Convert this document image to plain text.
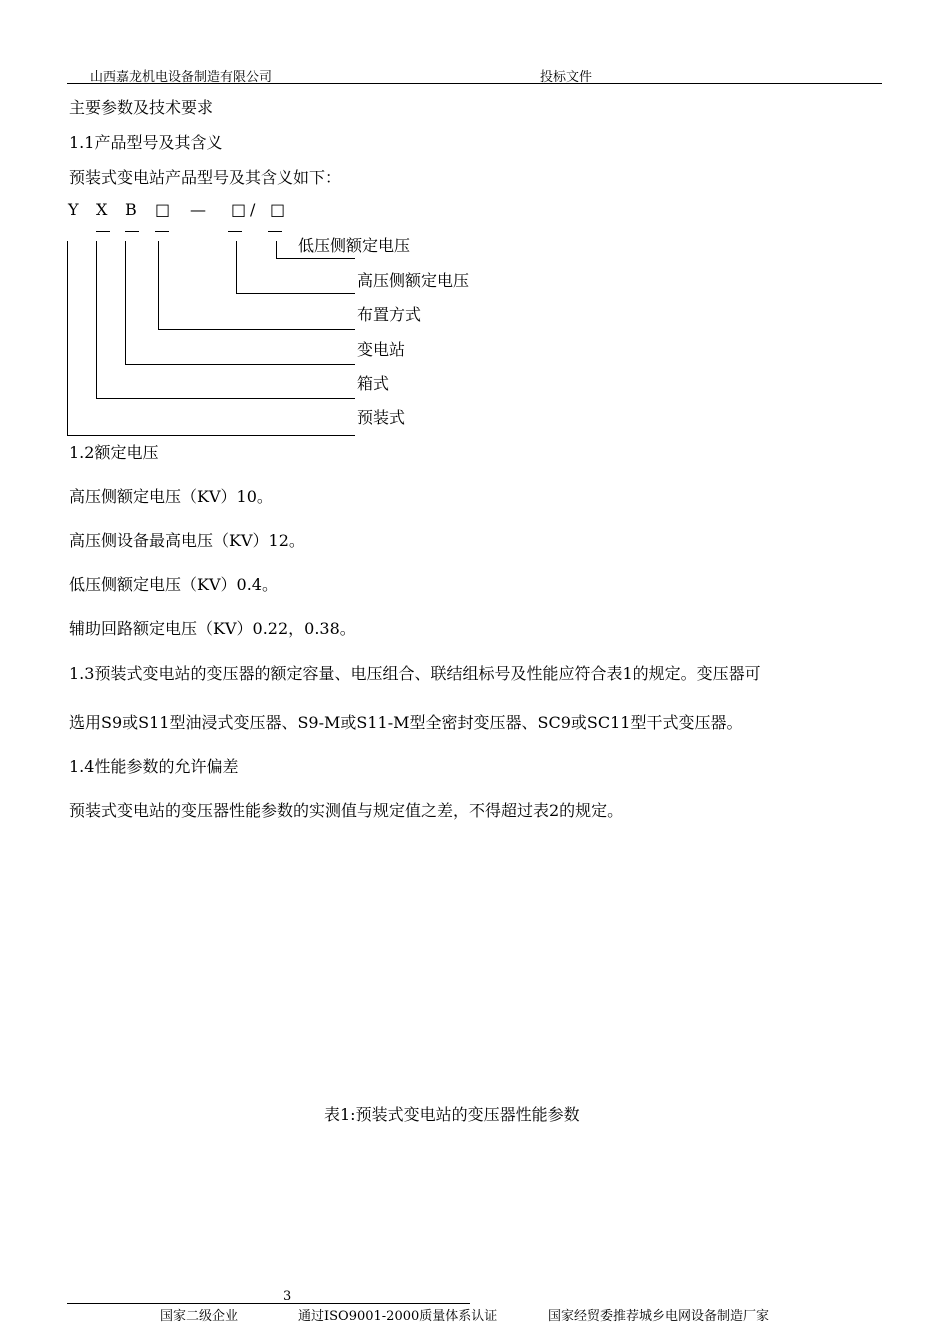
山西嘉龙机电设备制造有限公司	投标文件
主要参数及技术要求
1.1产品型号及其含义
预装式变电站产品型号及其含义如下：
Y X B □ — □ / □
低压侧额定电压
高压侧额定电压
布置方式
变电站
箱式
预装式
1.2额定电压
高压侧额定电压（KV）10。
高压侧设备最高电压（KV）12。
低压侧额定电压（KV）0.4。
辅助回路额定电压（KV）0.22，0.38。
1.3预装式变电站的变压器的额定容量、电压组合、联结组标号及性能应符合表1的规定。变压器可
选用S9或S11型油浸式变压器、S9-M或S11-M型全密封变压器、SC9或SC11型干式变压器。
1.4性能参数的允许偏差
预装式变电站的变压器性能参数的实测值与规定值之差，不得超过表2的规定。
表1:预装式变电站的变压器性能参数
3
国家二级企业	通过ISO9001-2000质量体系认证	国家经贸委推荐城乡电网设备制造厂家
